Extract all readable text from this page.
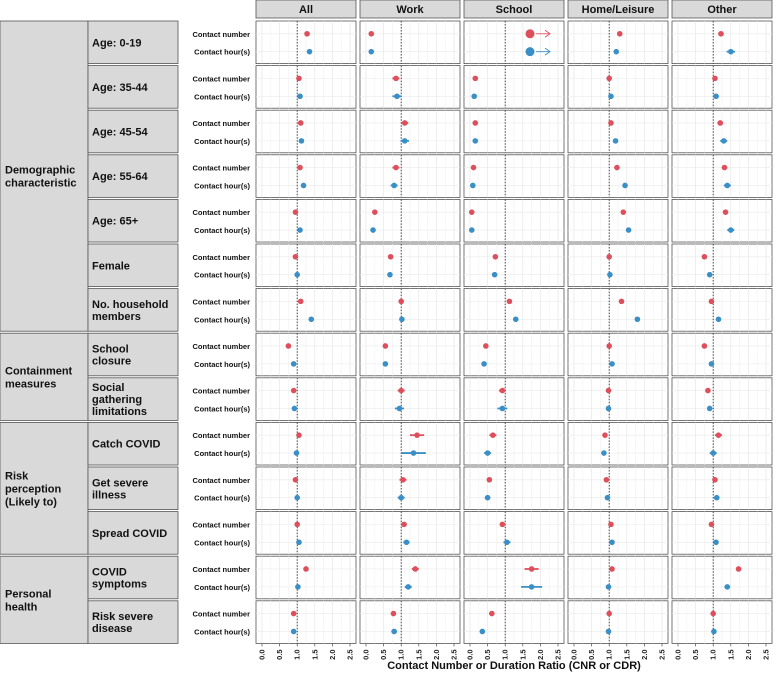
All	Work	School	Home/Leisure	Other
Demographic characteristic
Containment measures
Risk perception (Likely to)
Personal health
Age: 0-19
Contact number
Contact hour(s)
Age: 35-44
Contact number
Contact hour(s)
Age: 45-54
Contact number
Contact hour(s)
Age: 55-64
Contact number
Contact hour(s)
Age: 65+
Contact number
Contact hour(s)
Female
Contact number
Contact hour(s)
No. household members
Contact number
Contact hour(s)
School closure
Contact number
Contact hour(s)
Social gathering limitations
Contact number
Contact hour(s)
Catch COVID
Contact number
Contact hour(s)
Get severe illness
Contact number
Contact hour(s)
Spread COVID
Contact number
Contact hour(s)
COVID symptoms
Contact number
Contact hour(s)
Risk severe disease
Contact number
Contact hour(s)
0.0 0.5 1.0 1.5 2.0 2.5 0.0 0.5 1.0 1.5 2.0 2.5 0.0 0.5 1.0 1.5 2.0 2.5 0.0 0.5 1.0 1.5 2.0 2.5 0.0 0.5 1.0 1.5 2.0 2.5
Contact Number or Duration Ratio (CNR or CDR)
